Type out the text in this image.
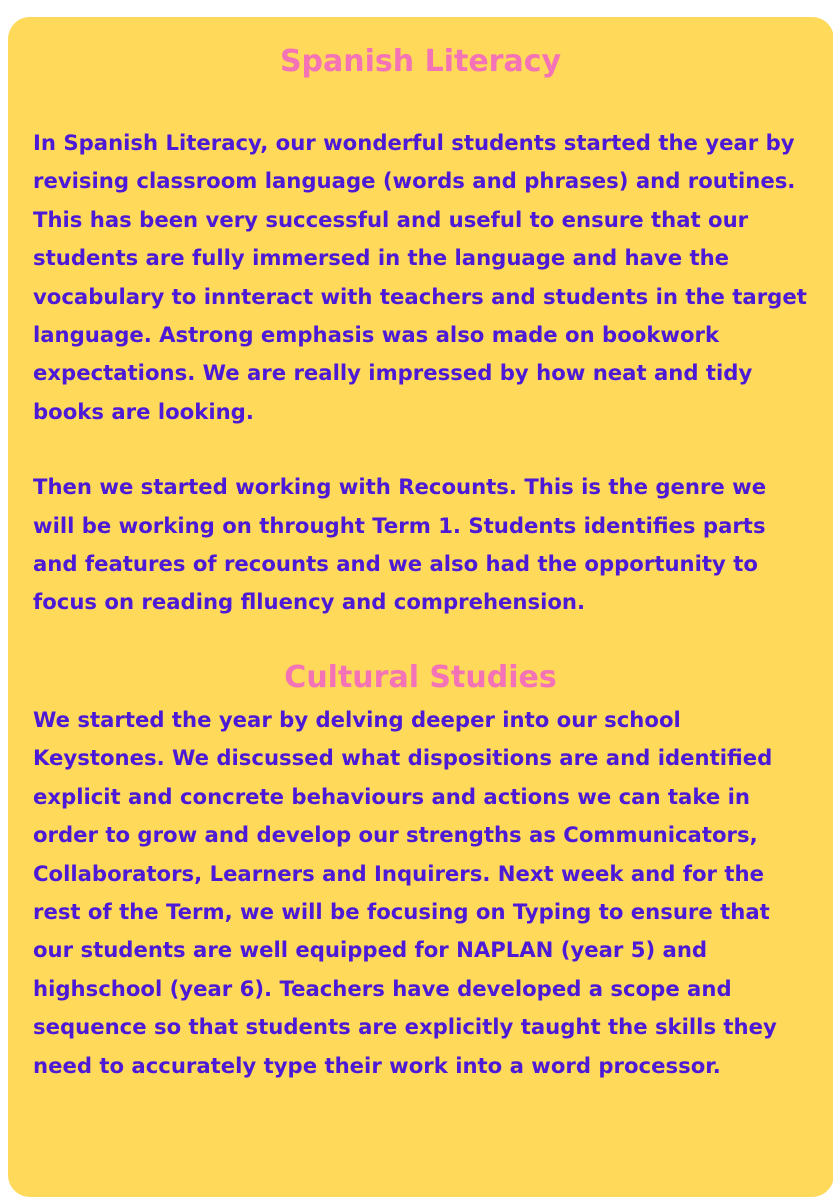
Spanish Literacy

In Spanish Literacy, our wonderful students started the year by revising classroom language (words and phrases) and routines. This has been very successful and useful to ensure that our students are fully immersed in the language and have the vocabulary to innteract with teachers and students in the target language. Astrong emphasis was also made on bookwork expectations. We are really impressed by how neat and tidy books are looking.

Then we started working with Recounts. This is the genre we will be working on throught Term 1. Students identifies parts and features of recounts and we also had the opportunity to focus on reading flluency and comprehension.

Cultural Studies

We started the year by delving deeper into our school Keystones. We discussed what dispositions are and identified explicit and concrete behaviours and actions we can take in order to grow and develop our strengths as Communicators, Collaborators, Learners and Inquirers. Next week and for the rest of the Term, we will be focusing on Typing to ensure that our students are well equipped for NAPLAN (year 5) and highschool (year 6). Teachers have developed a scope and sequence so that students are explicitly taught the skills they need to accurately type their work into a word processor.
